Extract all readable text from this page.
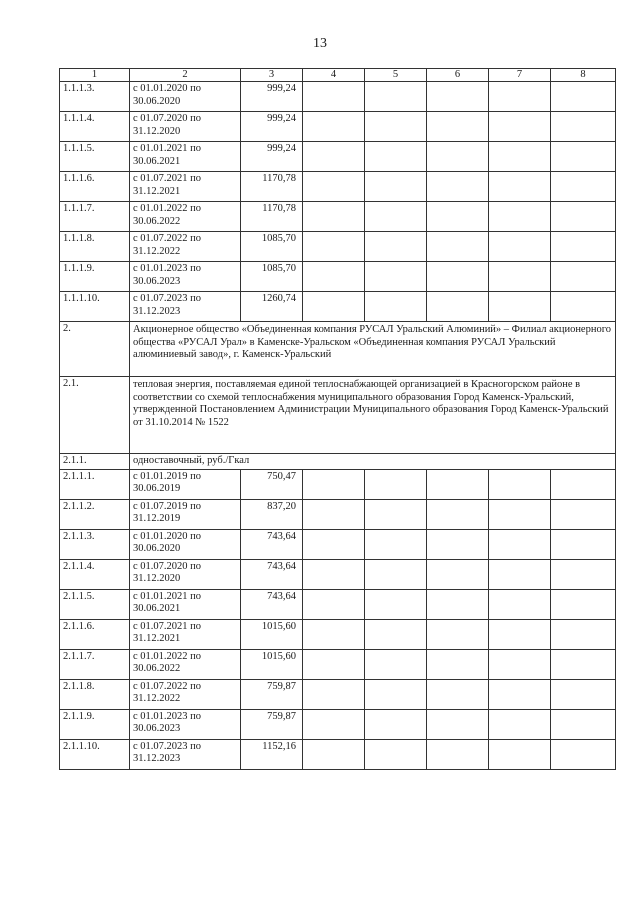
13
1	2	3	4	5	6	7	8
1.1.1.3.	с 01.01.2020 по 30.06.2020	999,24					
1.1.1.4.	с 01.07.2020 по 31.12.2020	999,24					
1.1.1.5.	с 01.01.2021 по 30.06.2021	999,24					
1.1.1.6.	с 01.07.2021 по 31.12.2021	1170,78					
1.1.1.7.	с 01.01.2022 по 30.06.2022	1170,78					
1.1.1.8.	с 01.07.2022 по 31.12.2022	1085,70					
1.1.1.9.	с 01.01.2023 по 30.06.2023	1085,70					
1.1.1.10.	с 01.07.2023 по 31.12.2023	1260,74					
2.	Акционерное общество «Объединенная компания РУСАЛ Уральский Алюминий» – Филиал акционерного общества «РУСАЛ Урал» в Каменске-Уральском «Объединенная компания РУСАЛ Уральский алюминиевый завод», г. Каменск-Уральский						
2.1.	тепловая энергия, поставляемая единой теплоснабжающей организацией в Красногорском районе в соответствии со схемой теплоснабжения муниципального образования Город Каменск-Уральский, утвержденной Постановлением Администрации Муниципального образования Город Каменск-Уральский от 31.10.2014 № 1522						
2.1.1.	одноставочный, руб./Гкал						
2.1.1.1.	с 01.01.2019 по 30.06.2019	750,47					
2.1.1.2.	с 01.07.2019 по 31.12.2019	837,20					
2.1.1.3.	с 01.01.2020 по 30.06.2020	743,64					
2.1.1.4.	с 01.07.2020 по 31.12.2020	743,64					
2.1.1.5.	с 01.01.2021 по 30.06.2021	743,64					
2.1.1.6.	с 01.07.2021 по 31.12.2021	1015,60					
2.1.1.7.	с 01.01.2022 по 30.06.2022	1015,60					
2.1.1.8.	с 01.07.2022 по 31.12.2022	759,87					
2.1.1.9.	с 01.01.2023 по 30.06.2023	759,87					
2.1.1.10.	с 01.07.2023 по 31.12.2023	1152,16					
